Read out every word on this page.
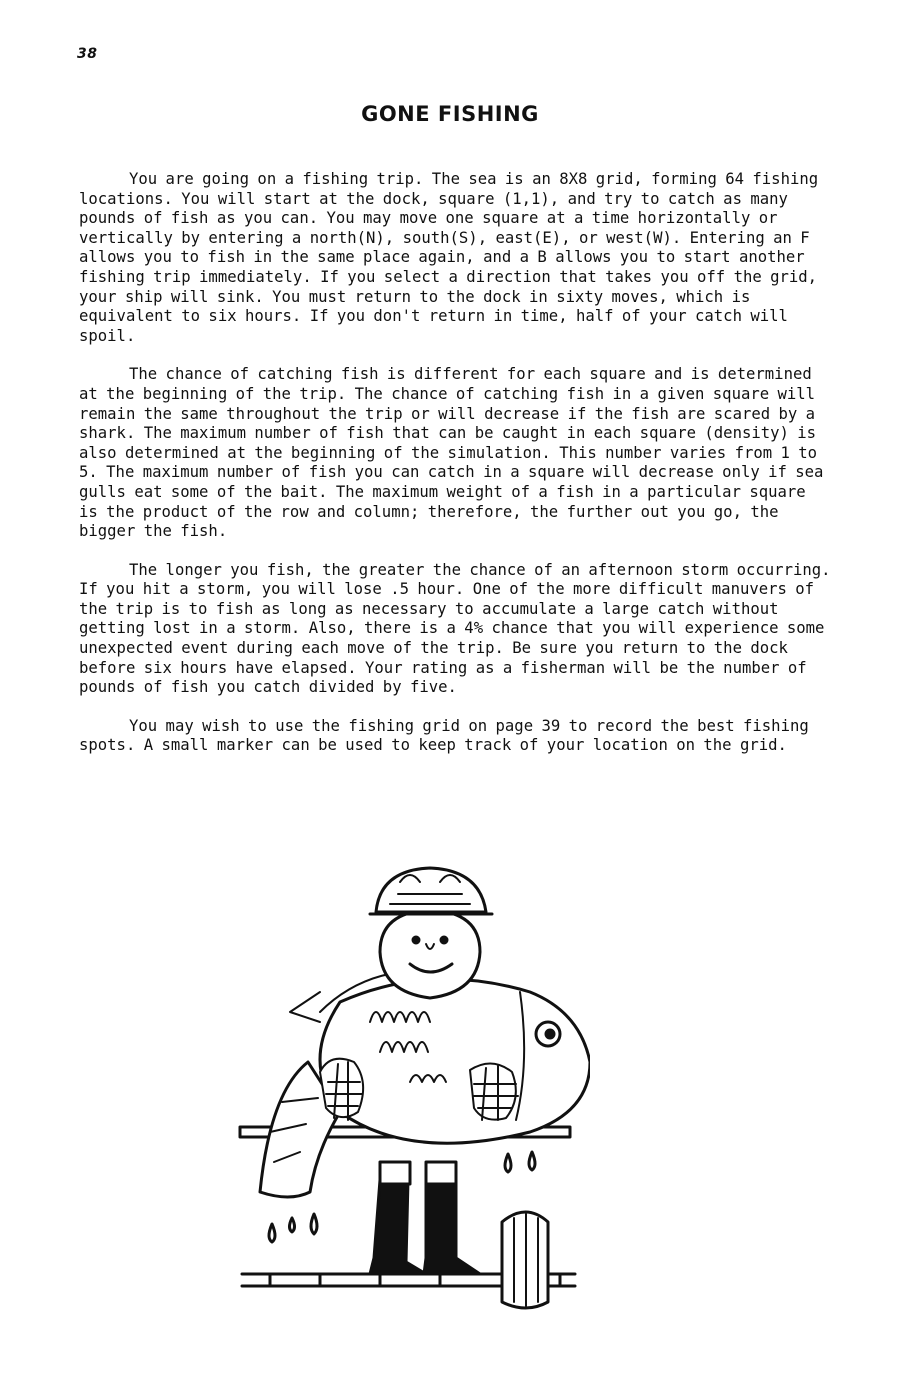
38
GONE FISHING

You are going on a fishing trip. The sea is an 8X8 grid, forming 64 fishing locations. You will start at the dock, square (1,1), and try to catch as many pounds of fish as you can. You may move one square at a time horizontally or vertically by entering a north(N), south(S), east(E), or west(W). Entering an F allows you to fish in the same place again, and a B allows you to start another fishing trip immediately. If you select a direction that takes you off the grid, your ship will sink. You must return to the dock in sixty moves, which is equivalent to six hours. If you don't return in time, half of your catch will spoil.

The chance of catching fish is different for each square and is determined at the beginning of the trip. The chance of catching fish in a given square will remain the same throughout the trip or will decrease if the fish are scared by a shark. The maximum number of fish that can be caught in each square (density) is also determined at the beginning of the simulation. This number varies from 1 to 5. The maximum number of fish you can catch in a square will decrease only if sea gulls eat some of the bait. The maximum weight of a fish in a particular square is the product of the row and column; therefore, the further out you go, the bigger the fish.

The longer you fish, the greater the chance of an afternoon storm occurring. If you hit a storm, you will lose .5 hour. One of the more difficult manuvers of the trip is to fish as long as necessary to accumulate a large catch without getting lost in a storm. Also, there is a 4% chance that you will experience some unexpected event during each move of the trip. Be sure you return to the dock before six hours have elapsed. Your rating as a fisherman will be the number of pounds of fish you catch divided by five.

You may wish to use the fishing grid on page 39 to record the best fishing spots. A small marker can be used to keep track of your location on the grid.
